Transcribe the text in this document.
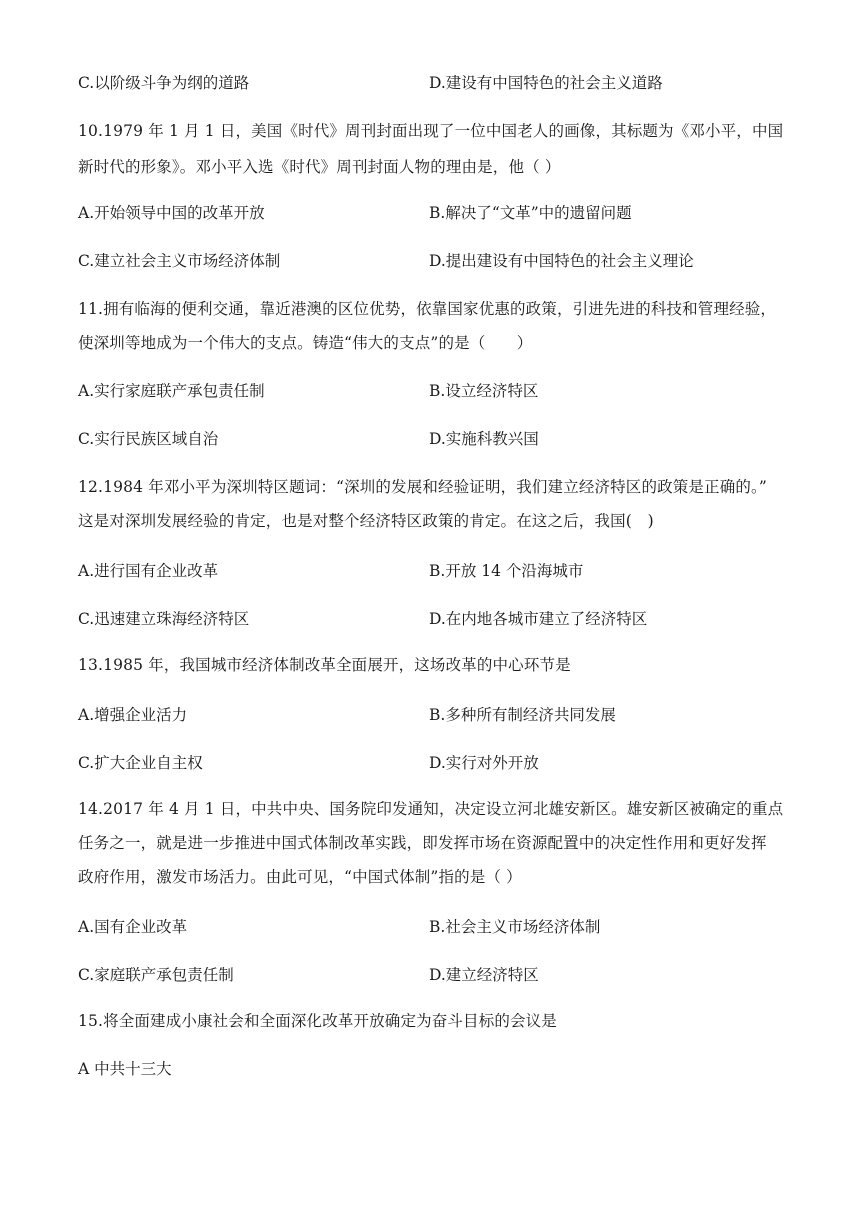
C.以阶级斗争为纲的道路	D.建设有中国特色的社会主义道路
10.1979 年 1 月 1 日，美国《时代》周刊封面出现了一位中国老人的画像，其标题为《邓小平，中国
新时代的形象》。邓小平入选《时代》周刊封面人物的理由是，他（ ）
A.开始领导中国的改革开放	B.解决了“文革”中的遗留问题
C.建立社会主义市场经济体制	D.提出建设有中国特色的社会主义理论
11.拥有临海的便利交通，靠近港澳的区位优势，依靠国家优惠的政策，引进先进的科技和管理经验，
使深圳等地成为一个伟大的支点。铸造“伟大的支点”的是（　　）
A.实行家庭联产承包责任制	B.设立经济特区
C.实行民族区域自治	D.实施科教兴国
12.1984 年邓小平为深圳特区题词：“深圳的发展和经验证明，我们建立经济特区的政策是正确的。”
这是对深圳发展经验的肯定，也是对整个经济特区政策的肯定。在这之后，我国(　)
A.进行国有企业改革	B.开放 14 个沿海城市
C.迅速建立珠海经济特区	D.在内地各城市建立了经济特区
13.1985 年，我国城市经济体制改革全面展开，这场改革的中心环节是
A.增强企业活力	B.多种所有制经济共同发展
C.扩大企业自主权	D.实行对外开放
14.2017 年 4 月 1 日，中共中央、国务院印发通知，决定设立河北雄安新区。雄安新区被确定的重点
任务之一，就是进一步推进中国式体制改革实践，即发挥市场在资源配置中的决定性作用和更好发挥
政府作用，激发市场活力。由此可见，“中国式体制”指的是（ ）
A.国有企业改革	B.社会主义市场经济体制
C.家庭联产承包责任制	D.建立经济特区
15.将全面建成小康社会和全面深化改革开放确定为奋斗目标的会议是
A 中共十三大
